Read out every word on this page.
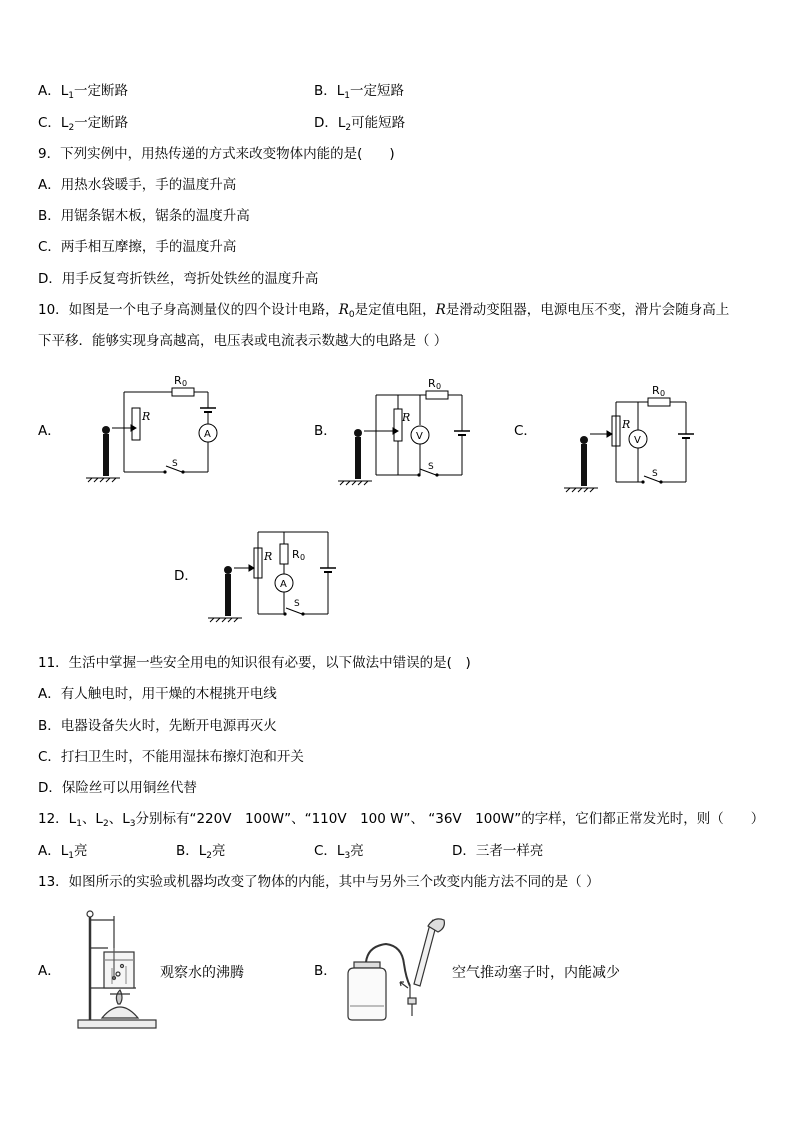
A．$L_1$一定断路	B．$L_1$一定短路
C．$L_2$一定断路	D．$L_2$可能短路
9．下列实例中，用热传递的方式来改变物体内能的是(　　)
A．用热水袋暖手，手的温度升高
B．用锯条锯木板，锯条的温度升高
C．两手相互摩擦，手的温度升高
D．用手反复弯折铁丝，弯折处铁丝的温度升高
10．如图是一个电子身高测量仪的四个设计电路，$R_0$是定值电阻，R是滑动变阻器，电源电压不变，滑片会随身高上
下平移．能够实现身高越高，电压表或电流表示数越大的电路是（ ）
A．
R 0
R
A
S
B．
R 0
R
V
S
C．
R 0
R
V
S
D．
R 0
R
A
S
11．生活中掌握一些安全用电的知识很有必要，以下做法中错误的是(　)
A．有人触电时，用干燥的木棍挑开电线
B．电器设备失火时，先断开电源再灭火
C．打扫卫生时，不能用湿抹布擦灯泡和开关
D．保险丝可以用铜丝代替
12．$L_1$、$L_2$、$L_3$分别标有“220V　100W”、“110V　100 W”、 “36V　100W”的字样，它们都正常发光时，则（　　）
A．$L_1$亮	B．$L_2$亮	C．$L_3$亮	D．三者一样亮
13．如图所示的实验或机器均改变了物体的内能，其中与另外三个改变内能方法不同的是（ ）
A．	观察水的沸腾	B．	空气推动塞子时，内能减少
